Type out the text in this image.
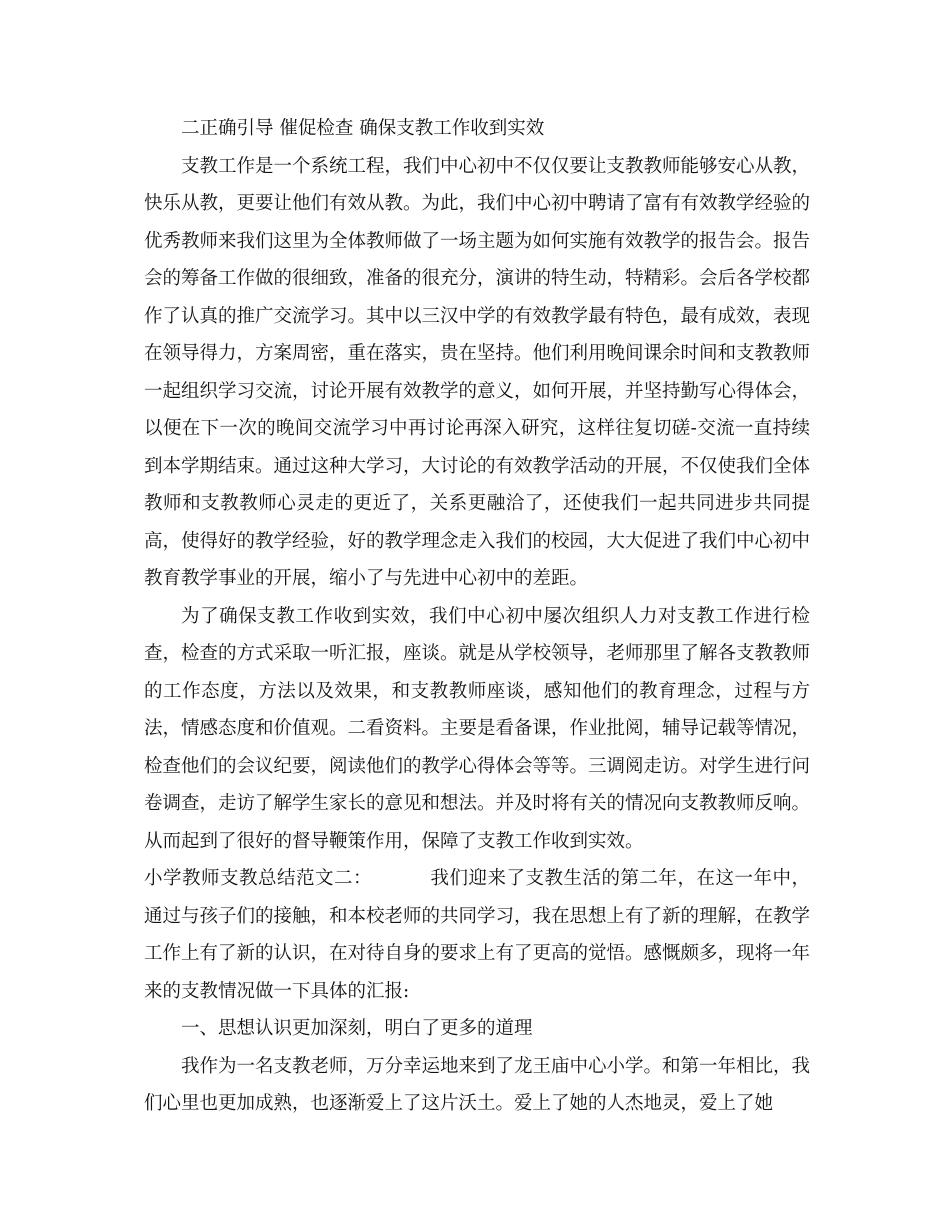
二正确引导 催促检查 确保支教工作收到实效

支教工作是一个系统工程，我们中心初中不仅仅要让支教教师能够安心从教，快乐从教，更要让他们有效从教。为此，我们中心初中聘请了富有有效教学经验的优秀教师来我们这里为全体教师做了一场主题为如何实施有效教学的报告会。报告会的筹备工作做的很细致，准备的很充分，演讲的特生动，特精彩。会后各学校都作了认真的推广交流学习。其中以三汉中学的有效教学最有特色，最有成效，表现在领导得力，方案周密，重在落实，贵在坚持。他们利用晚间课余时间和支教教师一起组织学习交流，讨论开展有效教学的意义，如何开展，并坚持勤写心得体会，以便在下一次的晚间交流学习中再讨论再深入研究，这样往复切磋-交流一直持续到本学期结束。通过这种大学习，大讨论的有效教学活动的开展，不仅使我们全体教师和支教教师心灵走的更近了，关系更融洽了，还使我们一起共同进步共同提高，使得好的教学经验，好的教学理念走入我们的校园，大大促进了我们中心初中教育教学事业的开展，缩小了与先进中心初中的差距。

为了确保支教工作收到实效，我们中心初中屡次组织人力对支教工作进行检查，检查的方式采取一听汇报，座谈。就是从学校领导，老师那里了解各支教教师的工作态度，方法以及效果，和支教教师座谈，感知他们的教育理念，过程与方法，情感态度和价值观。二看资料。主要是看备课，作业批阅，辅导记载等情况，检查他们的会议纪要，阅读他们的教学心得体会等等。三调阅走访。对学生进行问卷调查，走访了解学生家长的意见和想法。并及时将有关的情况向支教教师反响。从而起到了很好的督导鞭策作用，保障了支教工作收到实效。

小学教师支教总结范文二：	我们迎来了支教生活的第二年，在这一年中，通过与孩子们的接触，和本校老师的共同学习，我在思想上有了新的理解，在教学工作上有了新的认识，在对待自身的要求上有了更高的觉悟。感慨颇多，现将一年来的支教情况做一下具体的汇报:

一、思想认识更加深刻，明白了更多的道理

我作为一名支教老师，万分幸运地来到了龙王庙中心小学。和第一年相比，我们心里也更加成熟，也逐渐爱上了这片沃土。爱上了她的人杰地灵，爱上了她
